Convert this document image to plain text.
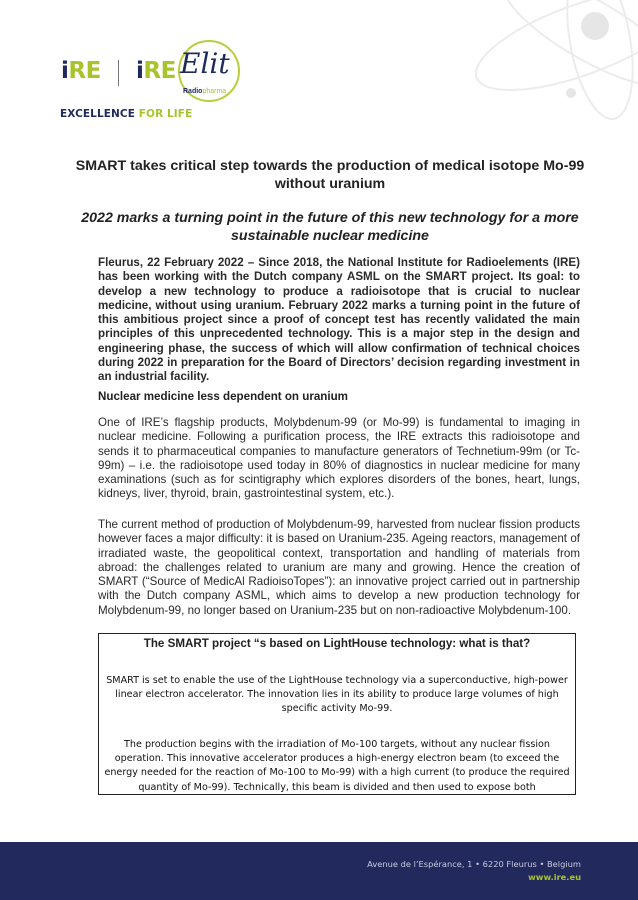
iRE iRE Elit
Radiopharma
EXCELLENCE FOR LIFE
SMART takes critical step towards the production of medical isotope Mo-99 without uranium
2022 marks a turning point in the future of this new technology for a more sustainable nuclear medicine
Fleurus, 22 February 2022 – Since 2018, the National Institute for Radioelements (IRE) has been working with the Dutch company ASML on the SMART project. Its goal: to develop a new technology to produce a radioisotope that is crucial to nuclear medicine, without using uranium. February 2022 marks a turning point in the future of this ambitious project since a proof of concept test has recently validated the main principles of this unprecedented technology. This is a major step in the design and engineering phase, the success of which will allow confirmation of technical choices during 2022 in preparation for the Board of Directors’ decision regarding investment in an industrial facility.
Nuclear medicine less dependent on uranium
One of IRE’s flagship products, Molybdenum-99 (or Mo-99) is fundamental to imaging in nuclear medicine. Following a purification process, the IRE extracts this radioisotope and sends it to pharmaceutical companies to manufacture generators of Technetium-99m (or Tc-99m) – i.e. the radioisotope used today in 80% of diagnostics in nuclear medicine for many examinations (such as for scintigraphy which explores disorders of the bones, heart, lungs, kidneys, liver, thyroid, brain, gastrointestinal system, etc.).
The current method of production of Molybdenum-99, harvested from nuclear fission products however faces a major difficulty: it is based on Uranium-235. Ageing reactors, management of irradiated waste, the geopolitical context, transportation and handling of materials from abroad: the challenges related to uranium are many and growing. Hence the creation of SMART (“Source of MedicAl RadioisoTopes”): an innovative project carried out in partnership with the Dutch company ASML, which aims to develop a new production technology for Molybdenum-99, no longer based on Uranium-235 but on non-radioactive Molybdenum-100.
The SMART project “s based on LightHouse technology: what is that?
SMART is set to enable the use of the LightHouse technology via a superconductive, high-power linear electron accelerator. The innovation lies in its ability to produce large volumes of high specific activity Mo-99.
The production begins with the irradiation of Mo-100 targets, without any nuclear fission operation. This innovative accelerator produces a high-energy electron beam (to exceed the energy needed for the reaction of Mo-100 to Mo-99) with a high current (to produce the required quantity of Mo-99). Technically, this beam is divided and then used to expose both
Avenue de l’Espérance, 1 • 6220 Fleurus • Belgium
www.ire.eu
